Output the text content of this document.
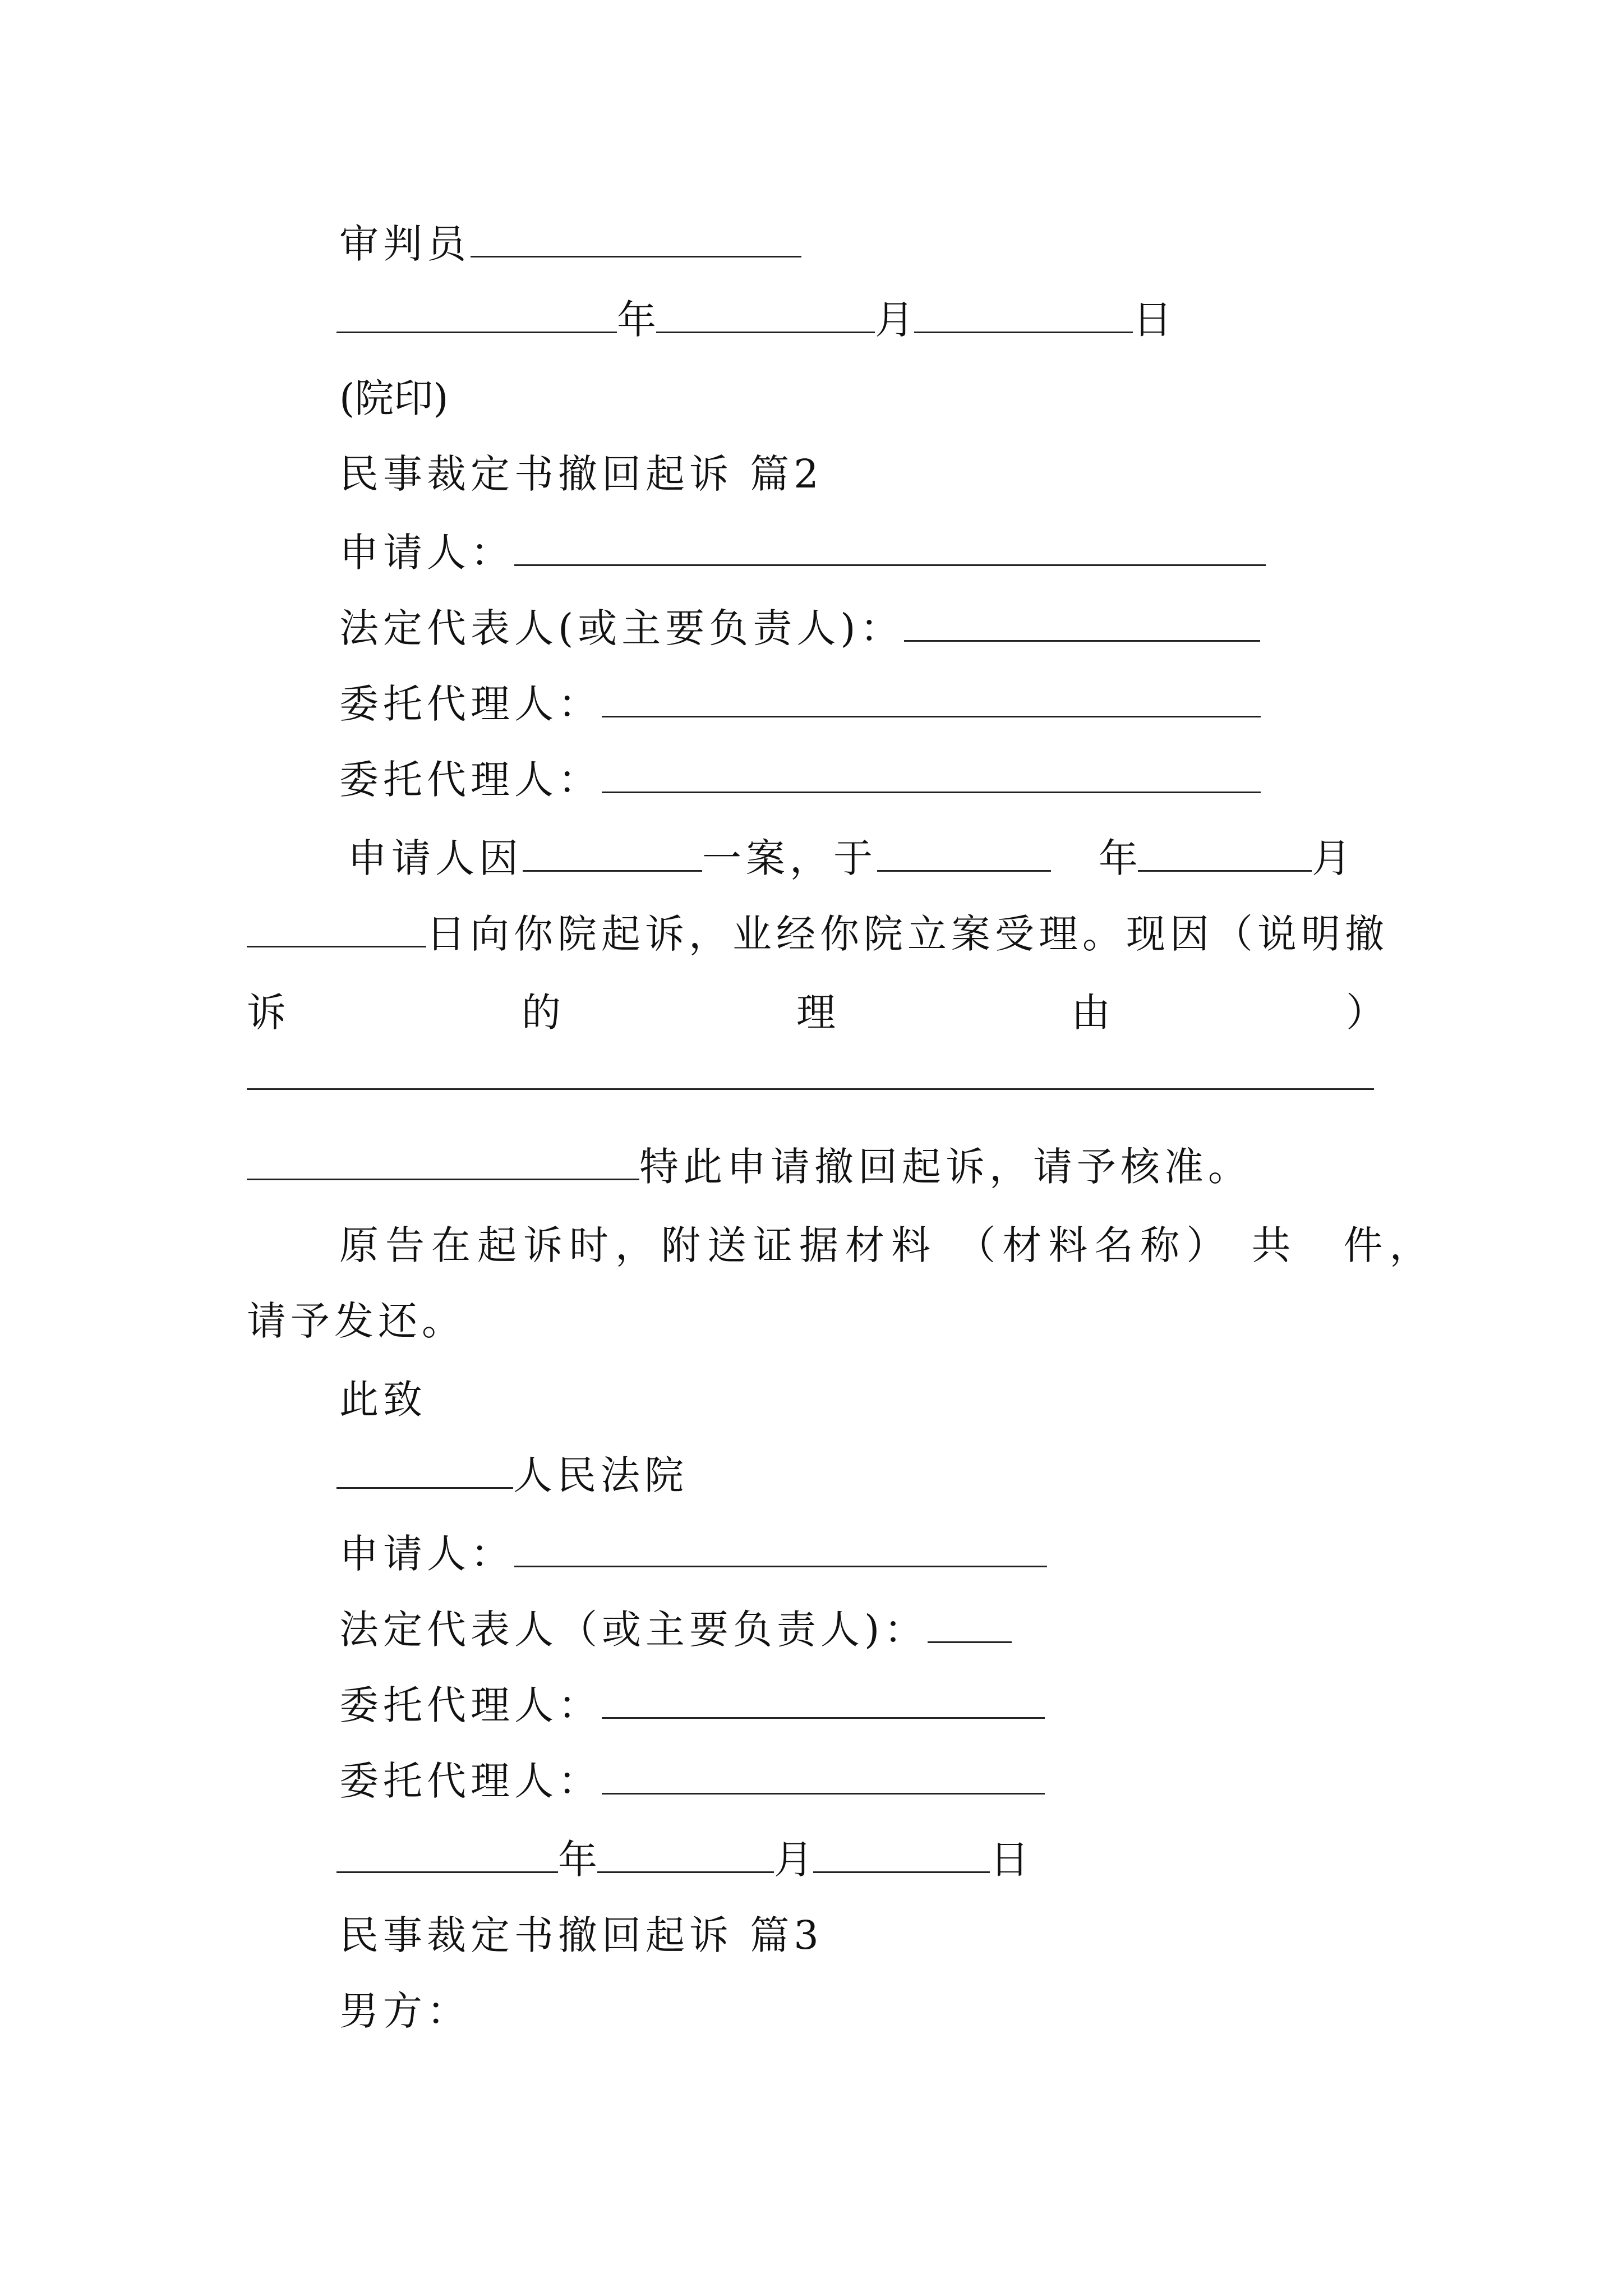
审判员
年	月	日
(院印)
民事裁定书撤回起诉 篇2
申请人：
法定代表人(或主要负责人)：
委托代理人：
委托代理人：
申请人因	一案，于	年	月
日向你院起诉，业经你院立案受理。现因（说明撤
诉	的	理	由	）
特此申请撤回起诉，请予核准。
原告在起诉时，附送证据材料 （材料名称） 共　件，
请予发还。
此致
人民法院
申请人：
法定代表人（或主要负责人)：
委托代理人：
委托代理人：
年	月	日
民事裁定书撤回起诉 篇3
男方：
